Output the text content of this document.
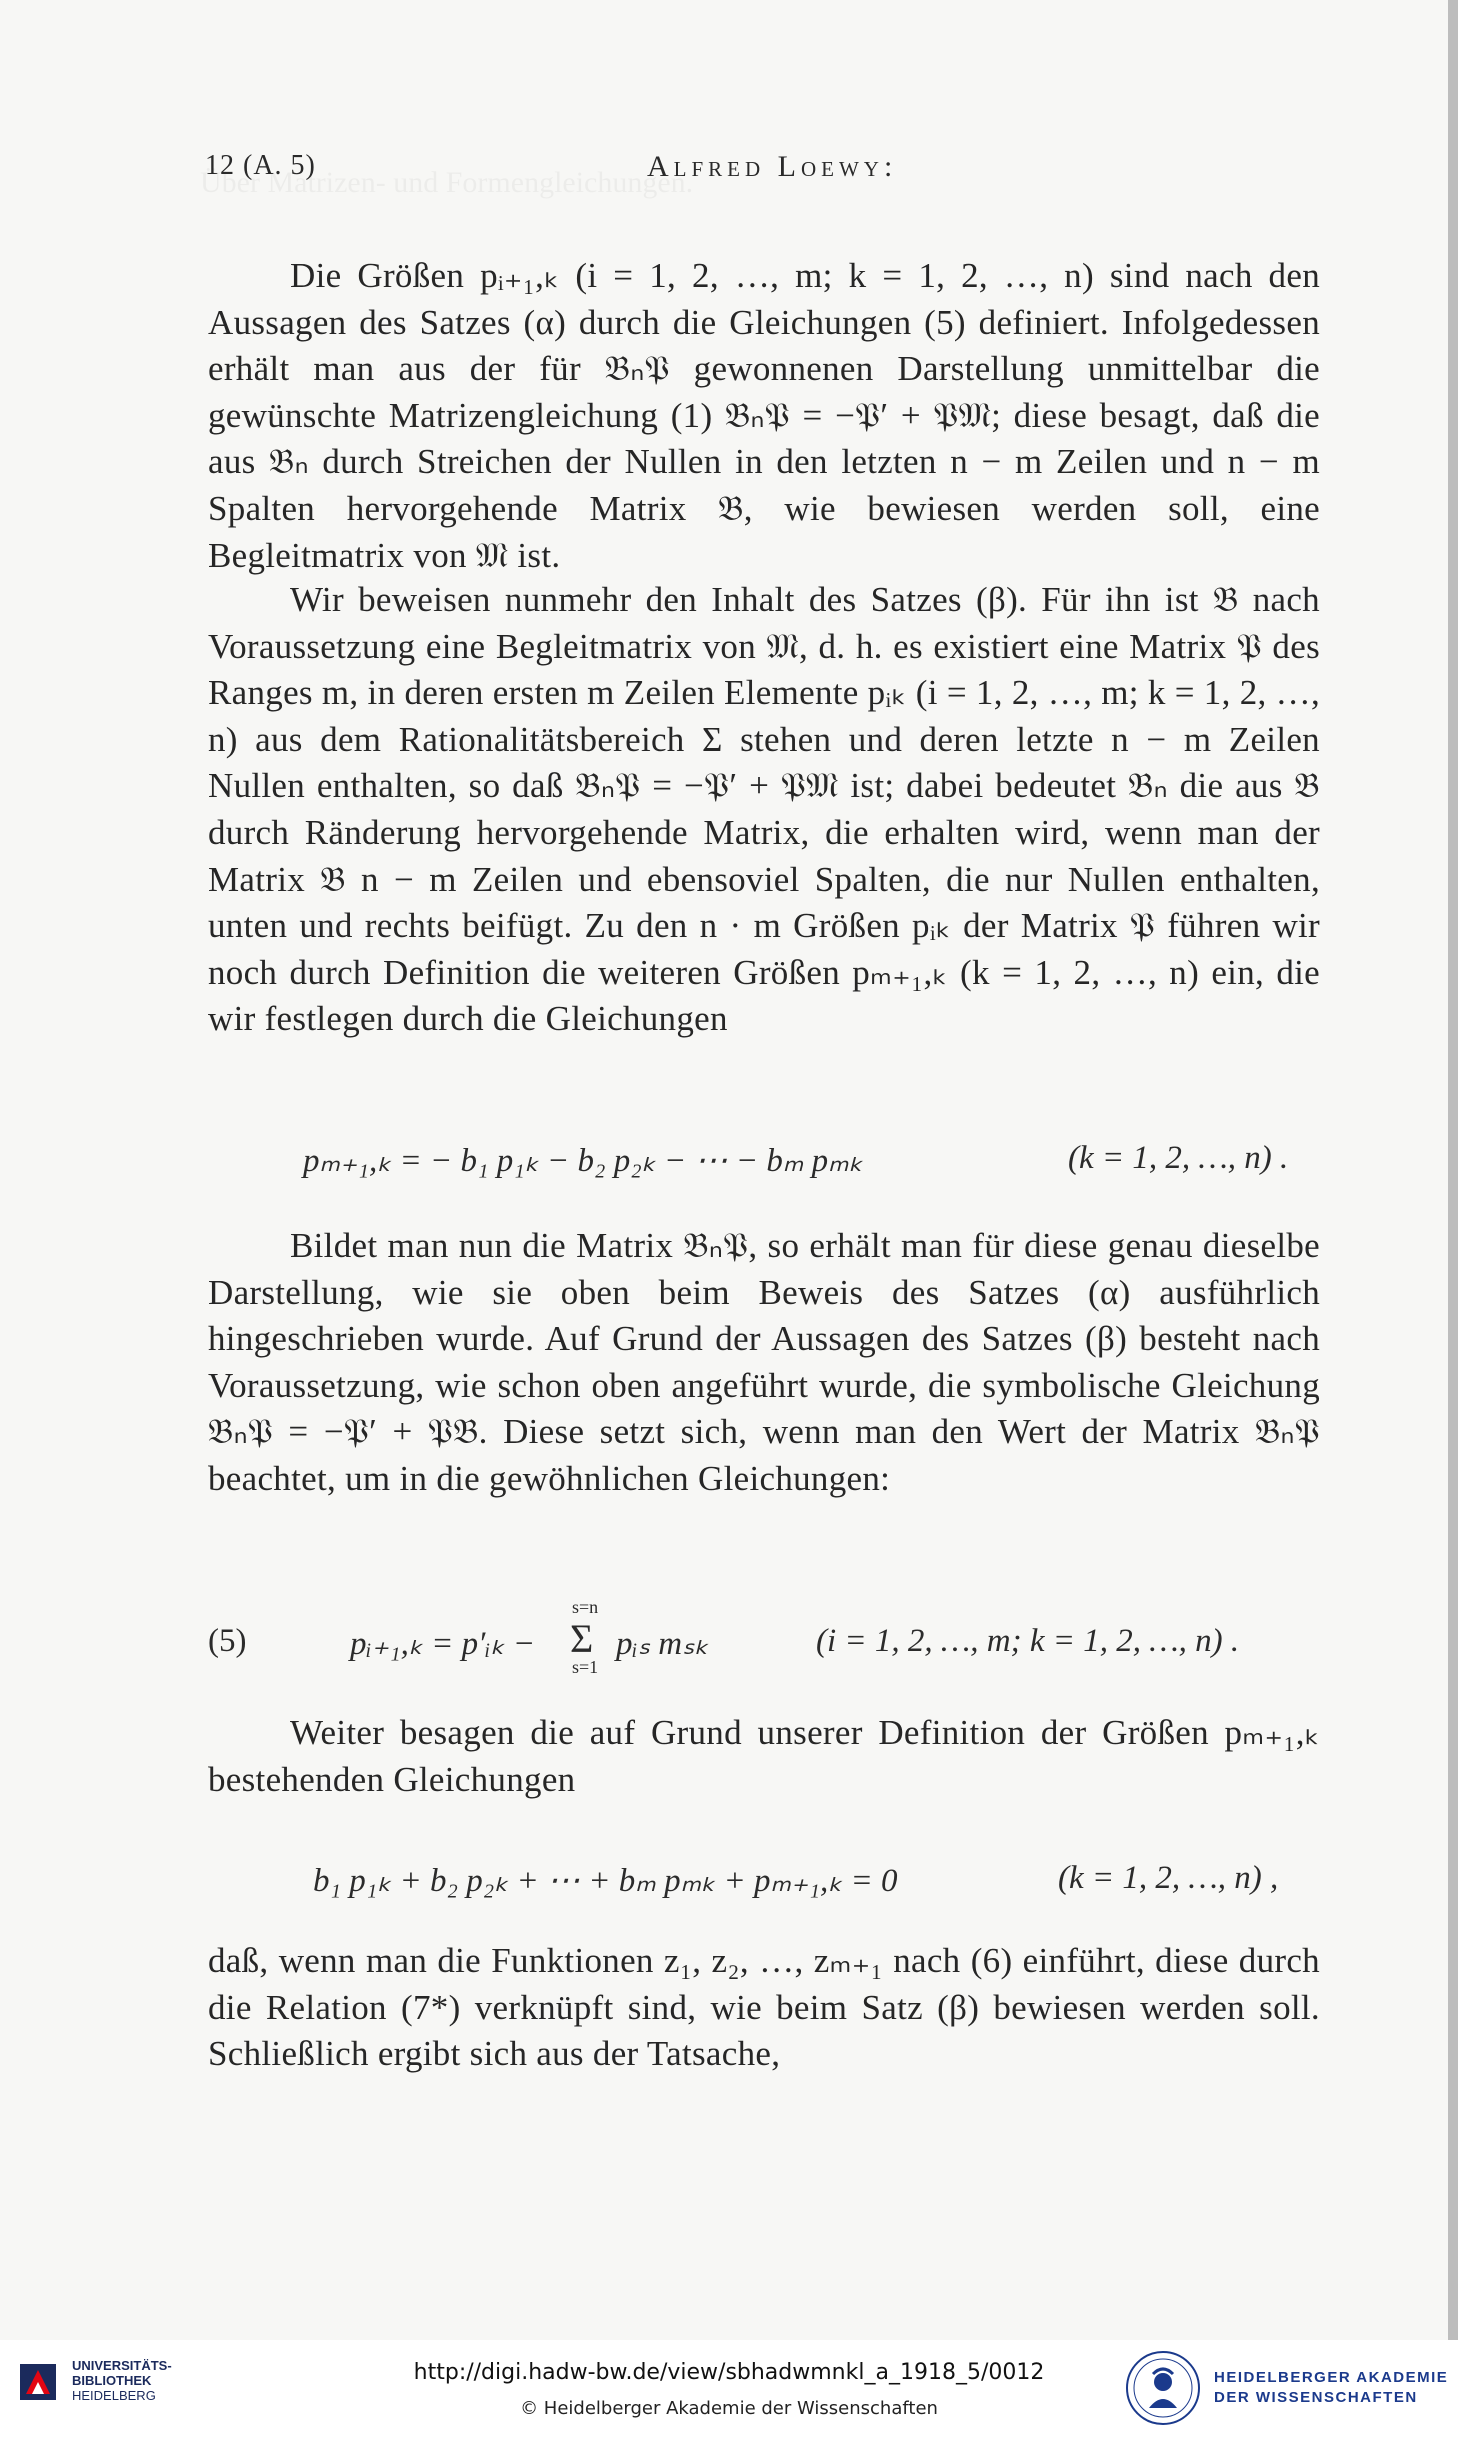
12 (A. 5)	Alfred Loewy:

Die Größen pᵢ₊₁,ₖ (i = 1, 2, …, m; k = 1, 2, …, n) sind nach den Aussagen des Satzes (α) durch die Gleichungen (5) definiert. Infolgedessen erhält man aus der für 𝔅ₙ𝔓 gewonnenen Darstellung unmittelbar die gewünschte Matrizengleichung (1) 𝔅ₙ𝔓 = −𝔓′ + 𝔓𝔐; diese besagt, daß die aus 𝔅ₙ durch Streichen der Nullen in den letzten n − m Zeilen und n − m Spalten hervorgehende Matrix 𝔅, wie bewiesen werden soll, eine Begleitmatrix von 𝔐 ist.

Wir beweisen nunmehr den Inhalt des Satzes (β). Für ihn ist 𝔅 nach Voraussetzung eine Begleitmatrix von 𝔐, d. h. es existiert eine Matrix 𝔓 des Ranges m, in deren ersten m Zeilen Elemente pᵢₖ (i = 1, 2, …, m; k = 1, 2, …, n) aus dem Rationalitätsbereich Σ stehen und deren letzte n − m Zeilen Nullen enthalten, so daß 𝔅ₙ𝔓 = −𝔓′ + 𝔓𝔐 ist; dabei bedeutet 𝔅ₙ die aus 𝔅 durch Ränderung hervorgehende Matrix, die erhalten wird, wenn man der Matrix 𝔅 n − m Zeilen und ebensoviel Spalten, die nur Nullen enthalten, unten und rechts beifügt. Zu den n · m Größen pᵢₖ der Matrix 𝔓 führen wir noch durch Definition die weiteren Größen pₘ₊₁,ₖ (k = 1, 2, …, n) ein, die wir festlegen durch die Gleichungen

pₘ₊₁,ₖ = − b₁ p₁ₖ − b₂ p₂ₖ − ⋯ − bₘ pₘₖ	(k = 1, 2, …, n) .

Bildet man nun die Matrix 𝔅ₙ𝔓, so erhält man für diese genau dieselbe Darstellung, wie sie oben beim Beweis des Satzes (α) ausführlich hingeschrieben wurde. Auf Grund der Aussagen des Satzes (β) besteht nach Voraussetzung, wie schon oben angeführt wurde, die symbolische Gleichung 𝔅ₙ𝔓 = −𝔓′ + 𝔓𝔅. Diese setzt sich, wenn man den Wert der Matrix 𝔅ₙ𝔓 beachtet, um in die gewöhnlichen Gleichungen:

(5)	pᵢ₊₁,ₖ = p′ᵢₖ −
s=n
Σ
s=1
pᵢₛ mₛₖ	(i = 1, 2, …, m; k = 1, 2, …, n) .

Weiter besagen die auf Grund unserer Definition der Größen pₘ₊₁,ₖ bestehenden Gleichungen

b₁ p₁ₖ + b₂ p₂ₖ + ⋯ + bₘ pₘₖ + pₘ₊₁,ₖ = 0	(k = 1, 2, …, n) ,

daß, wenn man die Funktionen z₁, z₂, …, zₘ₊₁ nach (6) einführt, diese durch die Relation (7*) verknüpft sind, wie beim Satz (β) bewiesen werden soll. Schließlich ergibt sich aus der Tatsache,

UNIVERSITÄTS-
BIBLIOTHEK
HEIDELBERG
http://digi.hadw-bw.de/view/sbhadwmnkl_a_1918_5/0012
© Heidelberger Akademie der Wissenschaften
HEIDELBERGER AKADEMIE
DER WISSENSCHAFTEN
